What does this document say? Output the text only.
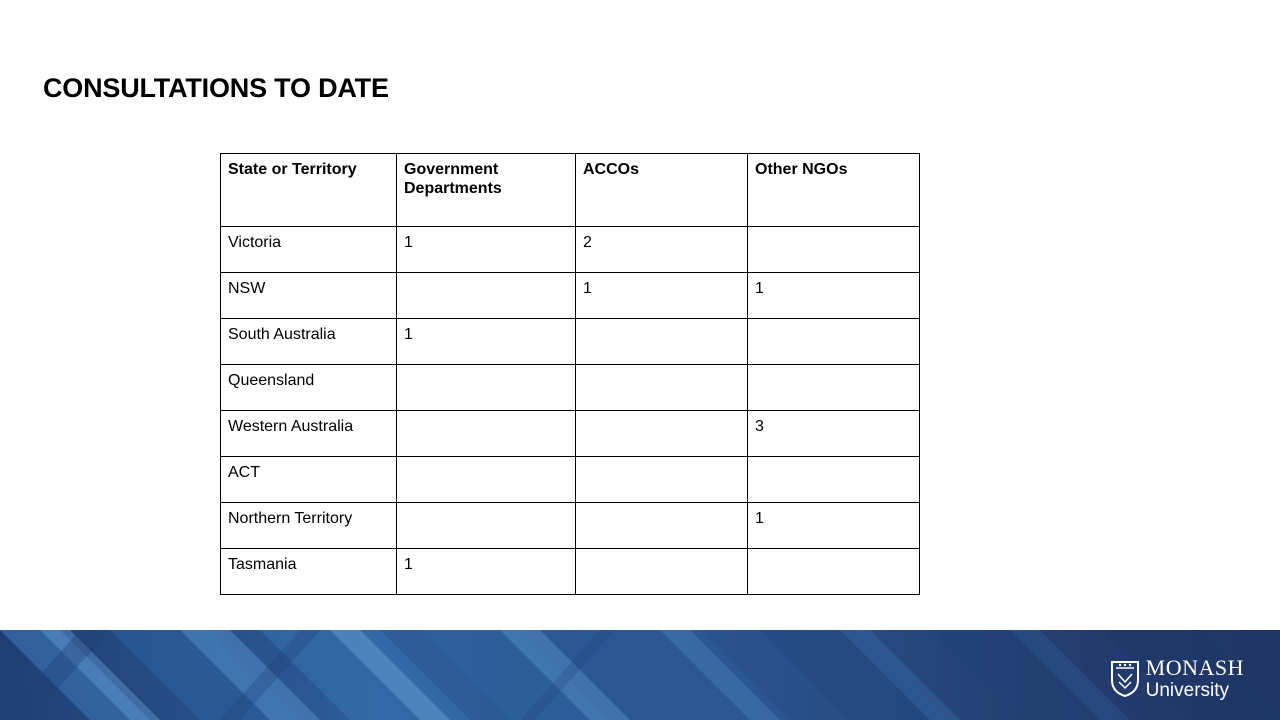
CONSULTATIONS TO DATE
State or Territory	Government Departments	ACCOs	Other NGOs
Victoria	1	2	
NSW		1	1
South Australia	1		
Queensland			
Western Australia			3
ACT			
Northern Territory			1
Tasmania	1		
MONASH
University
